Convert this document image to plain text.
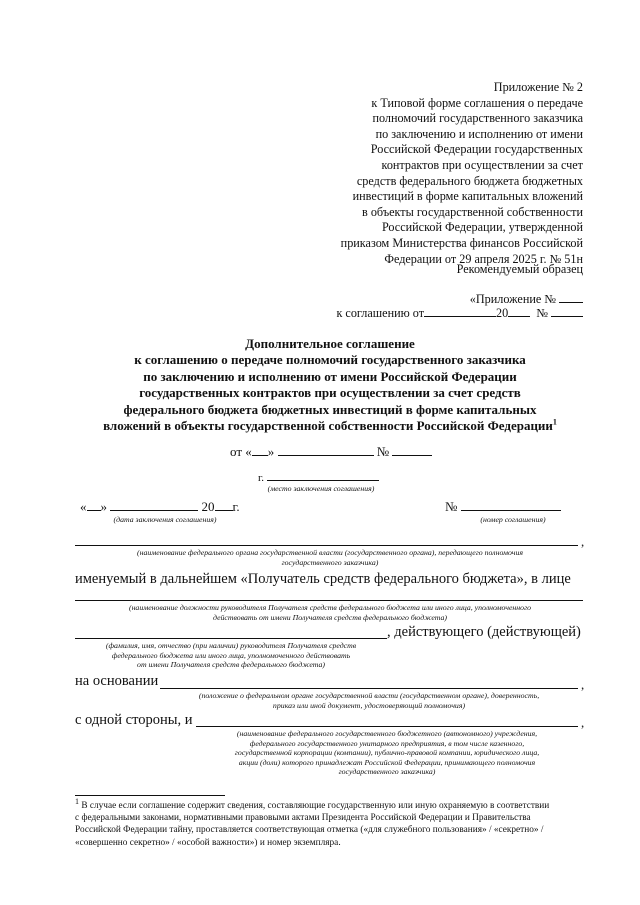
Приложение № 2
к Типовой форме соглашения о передаче
полномочий государственного заказчика
по заключению и исполнению от имени
Российской Федерации государственных
контрактов при осуществлении за счет
средств федерального бюджета бюджетных
инвестиций в форме капитальных вложений
в объекты государственной собственности
Российской Федерации, утвержденной
приказом Министерства финансов Российской
Федерации от 29 апреля 2025 г. № 51н
Рекомендуемый образец
«Приложение №
к соглашению от	20 №
Дополнительное соглашение
к соглашению о передаче полномочий государственного заказчика
по заключению и исполнению от имени Российской Федерации
государственных контрактов при осуществлении за счет средств
федерального бюджета бюджетных инвестиций в форме капитальных
вложений в объекты государственной собственности Российской Федерации$^1$
от « »	№
г.
(место заключения соглашения)
« »	20 г.
(дата заключения соглашения)
№
(номер соглашения)
,
(наименование федерального органа государственной власти (государственного органа), передающего полномочия
государственного заказчика)
именуемый в дальнейшем «Получатель средств федерального бюджета», в лице
(наименование должности руководителя Получателя средств федерального бюджета или иного лица, уполномоченного
действовать от имени Получателя средств федерального бюджета)
, действующего (действующей)
(фамилия, имя, отчество (при наличии) руководителя Получателя средств
федерального бюджета или иного лица, уполномоченного действовать
от имени Получателя средств федерального бюджета)
на основании	,
(положение о федеральном органе государственной власти (государственном органе), доверенность,
приказ или иной документ, удостоверяющий полномочия)
с одной стороны, и	,
(наименование федерального государственного бюджетного (автономного) учреждения,
федерального государственного унитарного предприятия, в том числе казенного,
государственной корпорации (компании), публично-правовой компании, юридического лица,
акции (доли) которого принадлежат Российской Федерации, принимающего полномочия
государственного заказчика)
$^1$ В случае если соглашение содержит сведения, составляющие государственную или иную охраняемую в соответствии
с федеральными законами, нормативными правовыми актами Президента Российской Федерации и Правительства
Российской Федерации тайну, проставляется соответствующая отметка («для служебного пользования» / «секретно» /
«совершенно секретно» / «особой важности») и номер экземпляра.
